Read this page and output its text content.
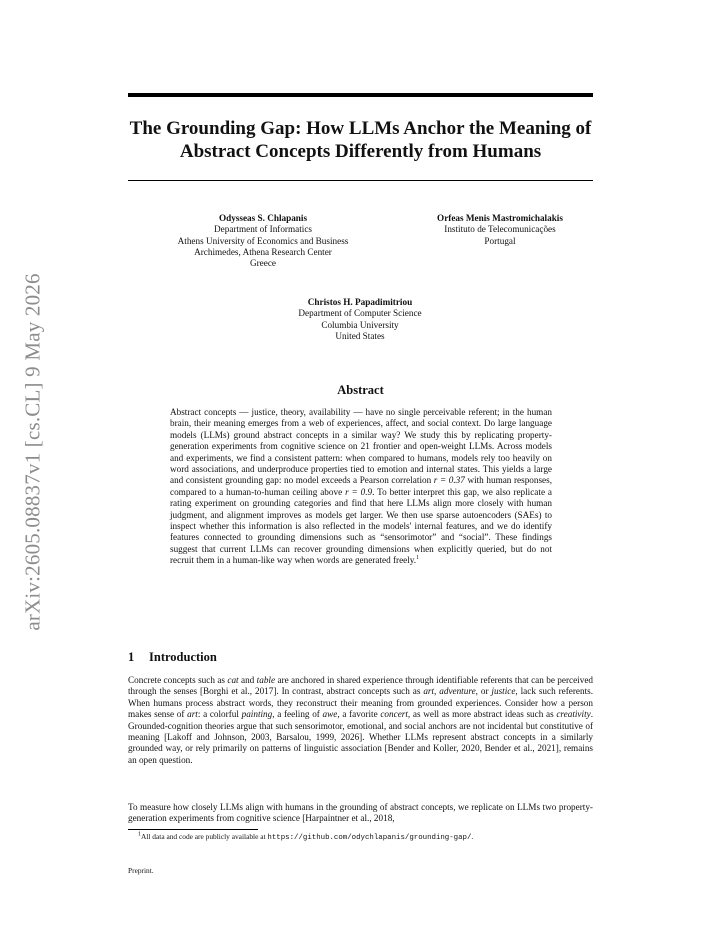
arXiv:2605.08837v1 [cs.CL] 9 May 2026
The Grounding Gap: How LLMs Anchor the Meaning of Abstract Concepts Differently from Humans
Odysseas S. Chlapanis
Department of Informatics
Athens University of Economics and Business
Archimedes, Athena Research Center
Greece
Orfeas Menis Mastromichalakis
Instituto de Telecomunicações
Portugal
Christos H. Papadimitriou
Department of Computer Science
Columbia University
United States
Abstract
Abstract concepts — justice, theory, availability — have no single perceivable referent; in the human brain, their meaning emerges from a web of experiences, affect, and social context. Do large language models (LLMs) ground abstract concepts in a similar way? We study this by replicating property-generation experiments from cognitive science on 21 frontier and open-weight LLMs. Across models and experiments, we find a consistent pattern: when compared to humans, models rely too heavily on word associations, and underproduce properties tied to emotion and internal states. This yields a large and consistent grounding gap: no model exceeds a Pearson correlation r = 0.37 with human responses, compared to a human-to-human ceiling above r = 0.9. To better interpret this gap, we also replicate a rating experiment on grounding categories and find that here LLMs align more closely with human judgment, and alignment improves as models get larger. We then use sparse autoencoders (SAEs) to inspect whether this information is also reflected in the models' internal features, and we do identify features connected to grounding dimensions such as “sensorimotor” and “social”. These findings suggest that current LLMs can recover grounding dimensions when explicitly queried, but do not recruit them in a human-like way when words are generated freely.$^1$
1 Introduction
Concrete concepts such as cat and table are anchored in shared experience through identifiable referents that can be perceived through the senses [Borghi et al., 2017]. In contrast, abstract concepts such as art, adventure, or justice, lack such referents. When humans process abstract words, they reconstruct their meaning from grounded experiences. Consider how a person makes sense of art: a colorful painting, a feeling of awe, a favorite concert, as well as more abstract ideas such as creativity. Grounded-cognition theories argue that such sensorimotor, emotional, and social anchors are not incidental but constitutive of meaning [Lakoff and Johnson, 2003, Barsalou, 1999, 2026]. Whether LLMs represent abstract concepts in a similarly grounded way, or rely primarily on patterns of linguistic association [Bender and Koller, 2020, Bender et al., 2021], remains an open question.
To measure how closely LLMs align with humans in the grounding of abstract concepts, we replicate on LLMs two property-generation experiments from cognitive science [Harpaintner et al., 2018,
$^1$All data and code are publicly available at https://github.com/odychlapanis/grounding-gap/.
Preprint.
